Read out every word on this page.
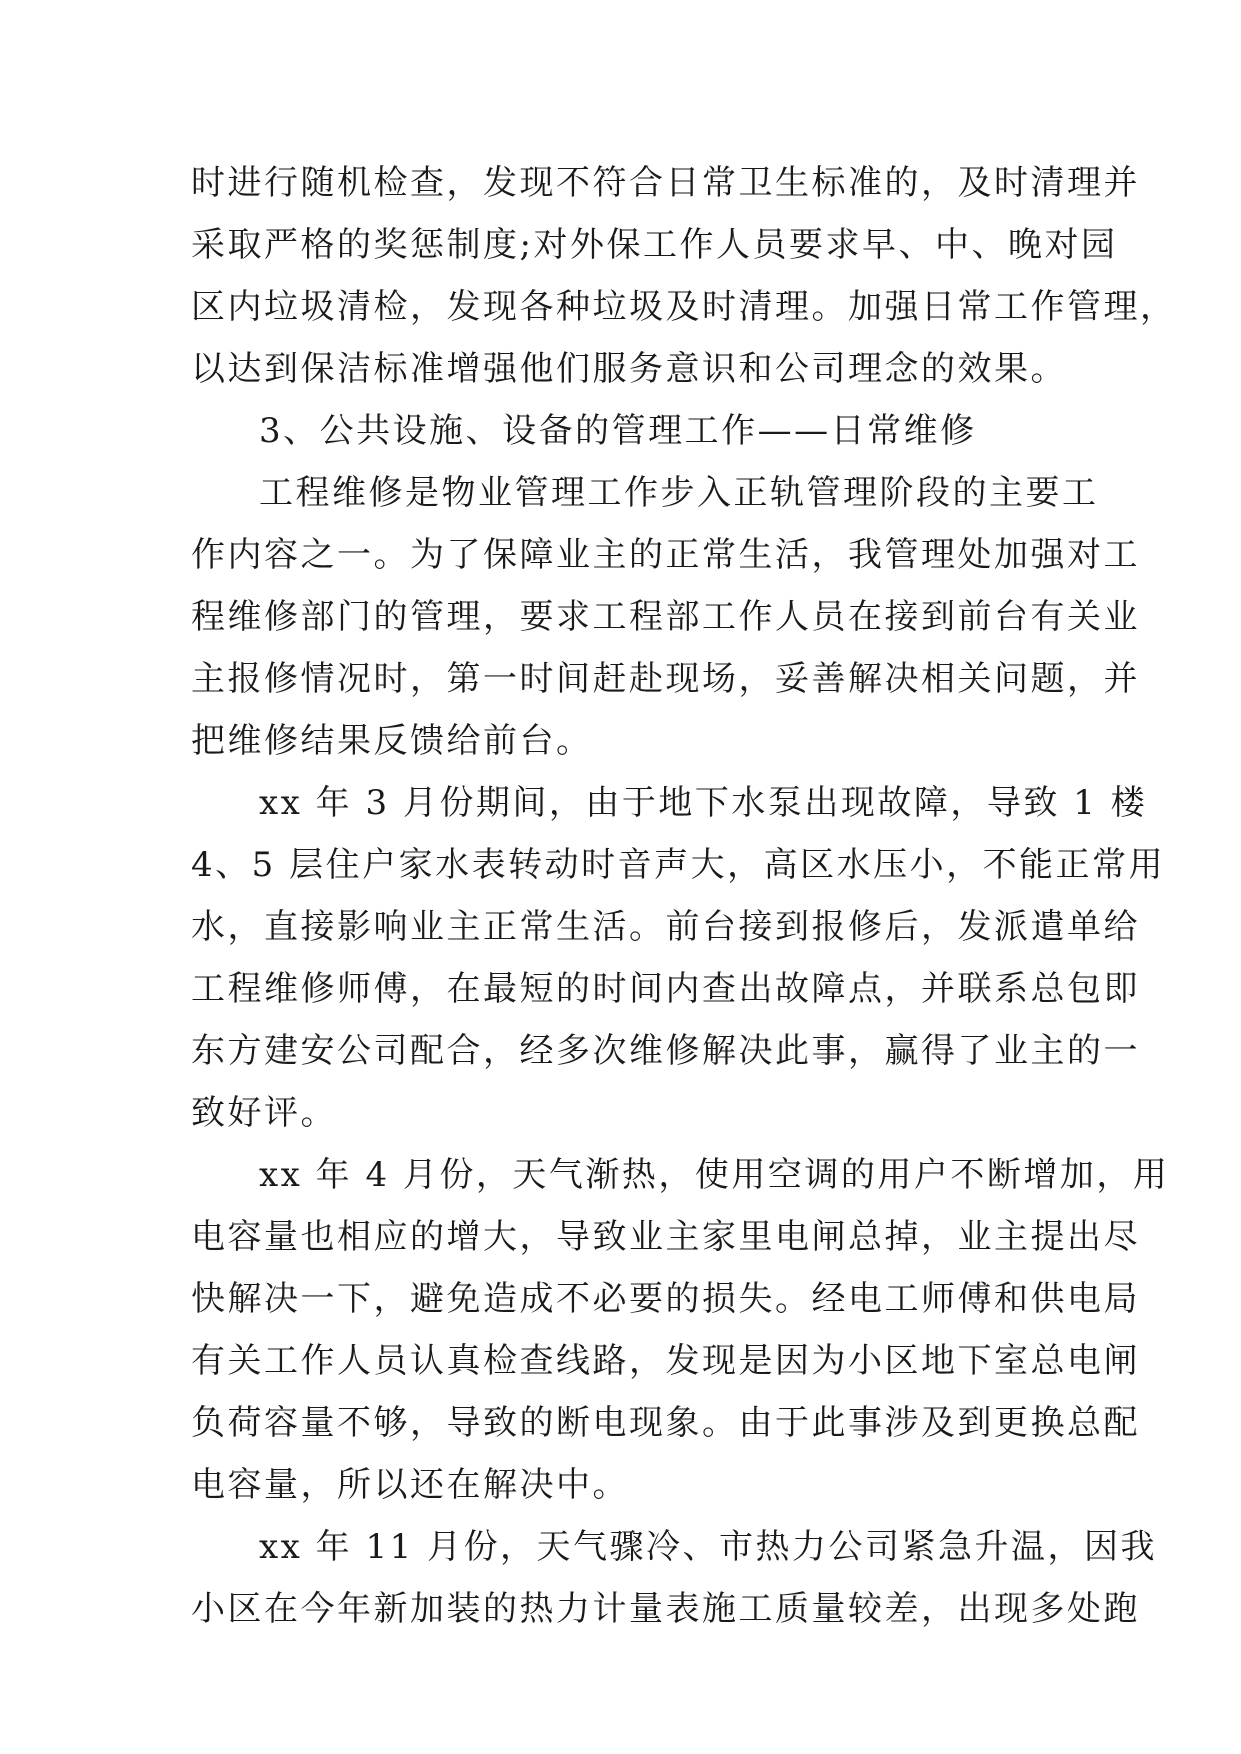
时进行随机检查，发现不符合日常卫生标准的，及时清理并
采取严格的奖惩制度;对外保工作人员要求早、中、晚对园
区内垃圾清检，发现各种垃圾及时清理。加强日常工作管理，
以达到保洁标准增强他们服务意识和公司理念的效果。
3、公共设施、设备的管理工作——日常维修
工程维修是物业管理工作步入正轨管理阶段的主要工
作内容之一。为了保障业主的正常生活，我管理处加强对工
程维修部门的管理，要求工程部工作人员在接到前台有关业
主报修情况时，第一时间赶赴现场，妥善解决相关问题，并
把维修结果反馈给前台。
xx 年 3 月份期间，由于地下水泵出现故障，导致 1 楼
4、5 层住户家水表转动时音声大，高区水压小，不能正常用
水，直接影响业主正常生活。前台接到报修后，发派遣单给
工程维修师傅，在最短的时间内查出故障点，并联系总包即
东方建安公司配合，经多次维修解决此事，赢得了业主的一
致好评。
xx 年 4 月份，天气渐热，使用空调的用户不断增加，用
电容量也相应的增大，导致业主家里电闸总掉，业主提出尽
快解决一下，避免造成不必要的损失。经电工师傅和供电局
有关工作人员认真检查线路，发现是因为小区地下室总电闸
负荷容量不够，导致的断电现象。由于此事涉及到更换总配
电容量，所以还在解决中。
xx 年 11 月份，天气骤冷、市热力公司紧急升温，因我
小区在今年新加装的热力计量表施工质量较差，出现多处跑
